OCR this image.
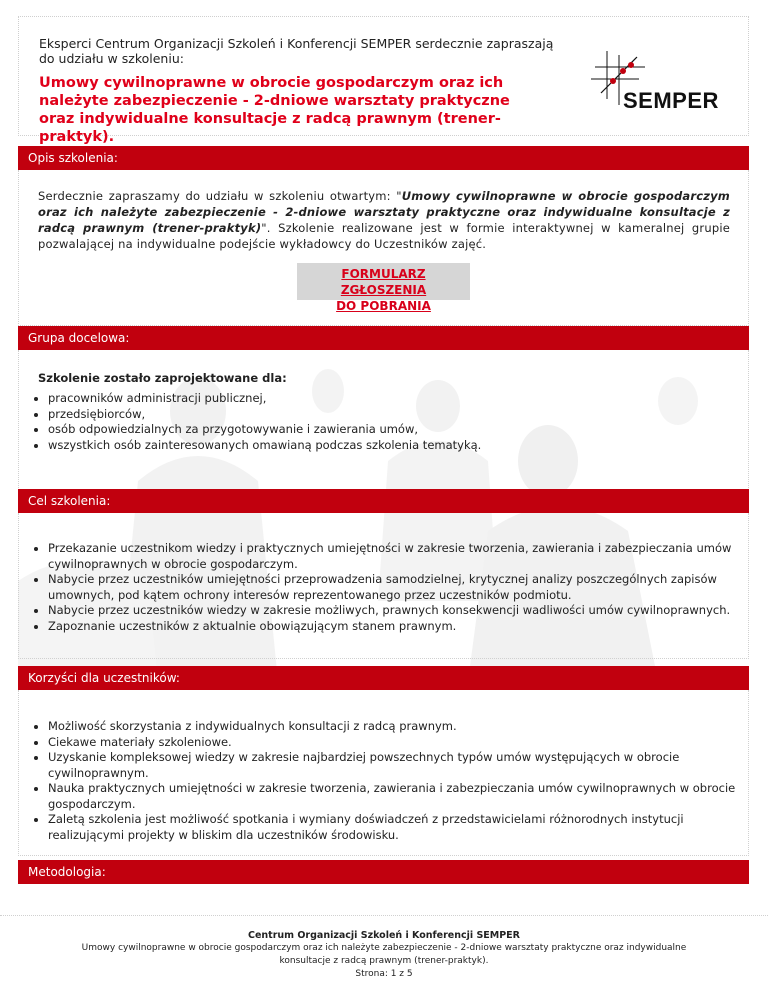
Eksperci Centrum Organizacji Szkoleń i Konferencji SEMPER serdecznie zapraszają do udziału w szkoleniu:
Umowy cywilnoprawne w obrocie gospodarczym oraz ich należyte zabezpieczenie - 2-dniowe warsztaty praktyczne oraz indywidualne konsultacje z radcą prawnym (trener-praktyk).
SEMPER
Opis szkolenia:
Serdecznie zapraszamy do udziału w szkoleniu otwartym: "Umowy cywilnoprawne w obrocie gospodarczym oraz ich należyte zabezpieczenie - 2-dniowe warsztaty praktyczne oraz indywidualne konsultacje z radcą prawnym (trener-praktyk)". Szkolenie realizowane jest w formie interaktywnej w kameralnej grupie pozwalającej na indywidualne podejście wykładowcy do Uczestników zajęć.
FORMULARZ ZGŁOSZENIA
DO POBRANIA
Grupa docelowa:
Szkolenie zostało zaprojektowane dla:
• pracowników administracji publicznej,
• przedsiębiorców,
• osób odpowiedzialnych za przygotowywanie i zawierania umów,
• wszystkich osób zainteresowanych omawianą podczas szkolenia tematyką.
Cel szkolenia:
• Przekazanie uczestnikom wiedzy i praktycznych umiejętności w zakresie tworzenia, zawierania i zabezpieczania umów cywilnoprawnych w obrocie gospodarczym.
• Nabycie przez uczestników umiejętności przeprowadzenia samodzielnej, krytycznej analizy poszczególnych zapisów umownych, pod kątem ochrony interesów reprezentowanego przez uczestników podmiotu.
• Nabycie przez uczestników wiedzy w zakresie możliwych, prawnych konsekwencji wadliwości umów cywilnoprawnych.
• Zapoznanie uczestników z aktualnie obowiązującym stanem prawnym.
Korzyści dla uczestników:
• Możliwość skorzystania z indywidualnych konsultacji z radcą prawnym.
• Ciekawe materiały szkoleniowe.
• Uzyskanie kompleksowej wiedzy w zakresie najbardziej powszechnych typów umów występujących w obrocie cywilnoprawnym.
• Nauka praktycznych umiejętności w zakresie tworzenia, zawierania i zabezpieczania umów cywilnoprawnych w obrocie gospodarczym.
• Zaletą szkolenia jest możliwość spotkania i wymiany doświadczeń z przedstawicielami różnorodnych instytucji realizującymi projekty w bliskim dla uczestników środowisku.
Metodologia:
Centrum Organizacji Szkoleń i Konferencji SEMPER
Umowy cywilnoprawne w obrocie gospodarczym oraz ich należyte zabezpieczenie - 2-dniowe warsztaty praktyczne oraz indywidualne konsultacje z radcą prawnym (trener-praktyk).
Strona: 1 z 5
